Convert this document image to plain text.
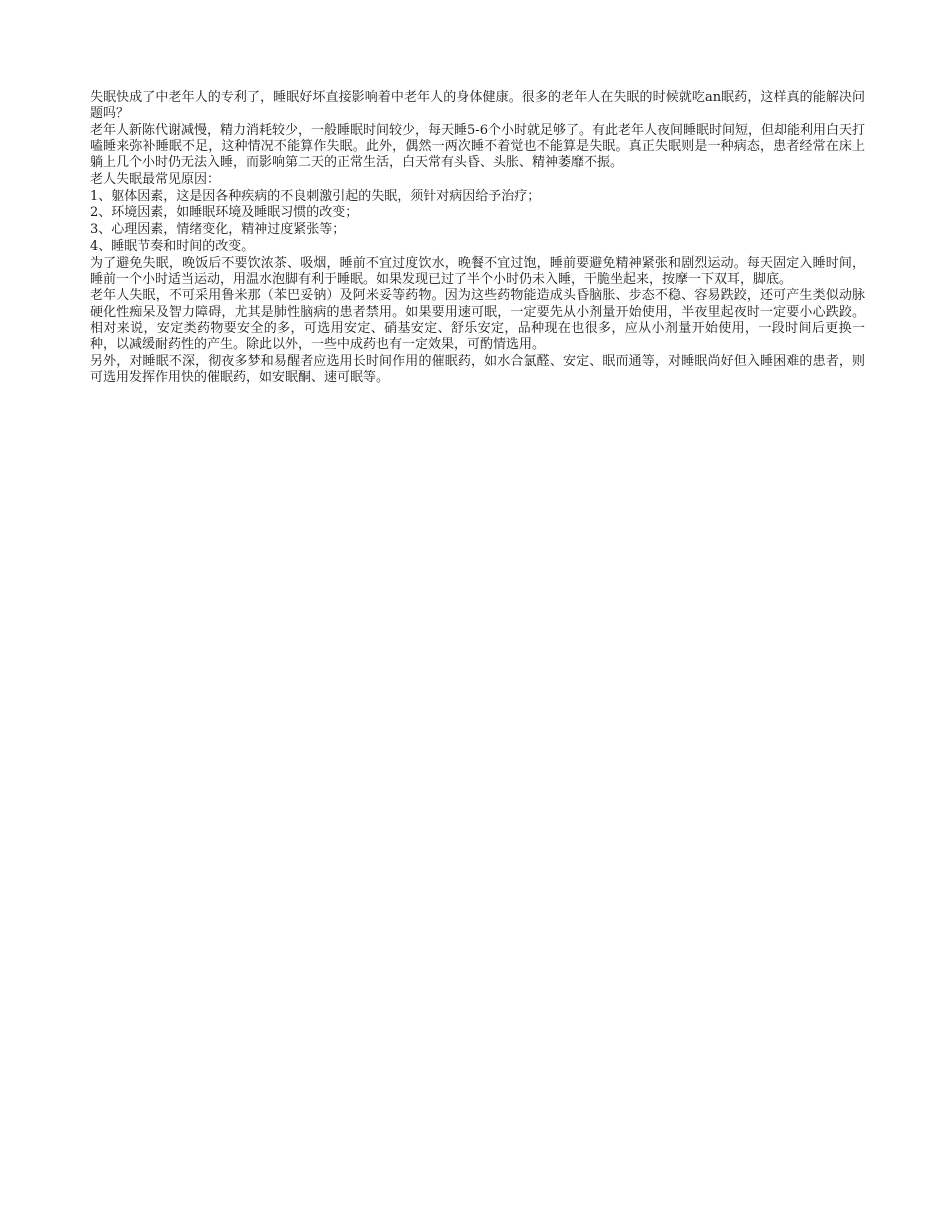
失眠快成了中老年人的专利了，睡眠好坏直接影响着中老年人的身体健康。很多的老年人在失眠的时候就吃an眠药，这样真的能解决问题吗？

老年人新陈代谢减慢，精力消耗较少，一般睡眠时间较少，每天睡5-6个小时就足够了。有此老年人夜间睡眠时间短，但却能利用白天打嗑睡来弥补睡眠不足，这种情况不能算作失眠。此外，偶然一两次睡不着觉也不能算是失眠。真正失眠则是一种病态，患者经常在床上躺上几个小时仍无法入睡，而影响第二天的正常生活，白天常有头昏、头胀、精神萎靡不振。

老人失眠最常见原因：

1、躯体因素，这是因各种疾病的不良刺激引起的失眠，须针对病因给予治疗；

2、环境因素，如睡眠环境及睡眠习惯的改变；

3、心理因素，情绪变化，精神过度紧张等；

4、睡眠节奏和时间的改变。

为了避免失眠，晚饭后不要饮浓茶、吸烟，睡前不宜过度饮水，晚餐不宜过饱，睡前要避免精神紧张和剧烈运动。每天固定入睡时间，睡前一个小时适当运动，用温水泡脚有利于睡眠。如果发现已过了半个小时仍未入睡，干脆坐起来，按摩一下双耳，脚底。

老年人失眠，不可采用鲁米那（苯巴妥钠）及阿米妥等药物。因为这些药物能造成头昏脑胀、步态不稳、容易跌跤，还可产生类似动脉硬化性痴呆及智力障碍，尤其是肺性脑病的患者禁用。如果要用速可眠，一定要先从小剂量开始使用，半夜里起夜时一定要小心跌跤。相对来说，安定类药物要安全的多，可选用安定、硝基安定、舒乐安定，品种现在也很多，应从小剂量开始使用，一段时间后更换一种，以减缓耐药性的产生。除此以外，一些中成药也有一定效果，可酌情选用。

另外，对睡眠不深，彻夜多梦和易醒者应选用长时间作用的催眠药，如水合氯醛、安定、眠而通等，对睡眠尚好但入睡困难的患者，则可选用发挥作用快的催眠药，如安眠酮、速可眠等。
